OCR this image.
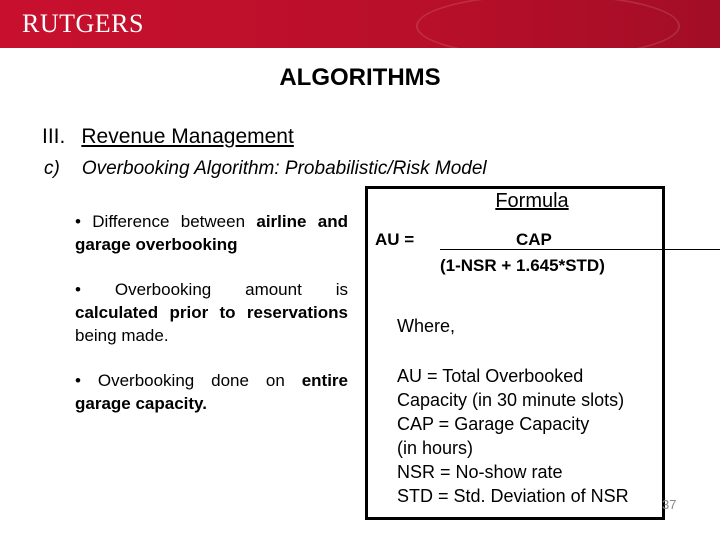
RUTGERS
ALGORITHMS
III. Revenue Management
c) Overbooking Algorithm: Probabilistic/Risk Model
• Difference between airline and garage overbooking
• Overbooking amount is calculated prior to reservations being made.
• Overbooking done on entire garage capacity.
Formula
AU =	CAP
(1-NSR + 1.645*STD)
Where,
AU = Total Overbooked
Capacity (in 30 minute slots)
CAP = Garage Capacity
(in hours)
NSR = No-show rate
STD = Std. Deviation of NSR	37
